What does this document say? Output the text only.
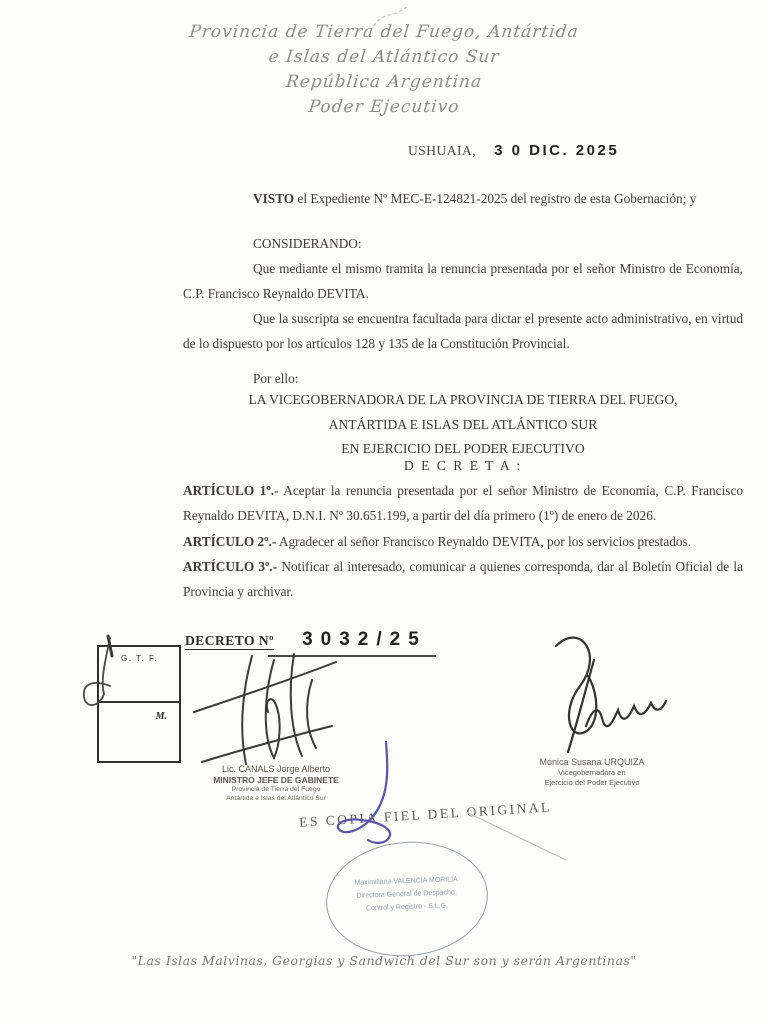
Provincia de Tierra del Fuego, Antártida
e Islas del Atlántico Sur
República Argentina
Poder Ejecutivo
USHUAIA, 3 0 DIC. 2025
VISTO el Expediente Nº MEC-E-124821-2025 del registro de esta Gobernación; y
CONSIDERANDO:
Que mediante el mismo tramita la renuncia presentada por el señor Ministro de Economía, C.P. Francisco Reynaldo DEVITA.
Que la suscripta se encuentra facultada para dictar el presente acto administrativo, en virtud de lo dispuesto por los artículos 128 y 135 de la Constitución Provincial.
Por ello:
LA VICEGOBERNADORA DE LA PROVINCIA DE TIERRA DEL FUEGO,
ANTÁRTIDA E ISLAS DEL ATLÁNTICO SUR
EN EJERCICIO DEL PODER EJECUTIVO
D E C R E T A :

ARTÍCULO 1º.- Aceptar la renuncia presentada por el señor Ministro de Economía, C.P. Francisco Reynaldo DEVITA, D.N.I. Nº 30.651.199, a partir del día primero (1º) de enero de 2026.

ARTÍCULO 2º.- Agradecer al señor Francisco Reynaldo DEVITA, por los servicios prestados.

ARTÍCULO 3º.- Notificar al interesado, comunicar a quienes corresponda, dar al Boletín Oficial de la Provincia y archivar.

DECRETO Nº 3032/25
G. T. F.
M.
Lic. CANALS Jorge Alberto
MINISTRO JEFE DE GABINETE
Provincia de Tierra del Fuego
Antártida e Islas del Atlántico Sur
Mónica Susana URQUIZA
Vicegobernadora en
Ejercicio del Poder Ejecutivo
ES COPIA FIEL DEL ORIGINAL
Maximiliana VALENCIA MORILIA
Directora General de Despacho,
Control y Registro - S.L.G.
"Las Islas Malvinas, Georgias y Sandwich del Sur son y serán Argentinas"
